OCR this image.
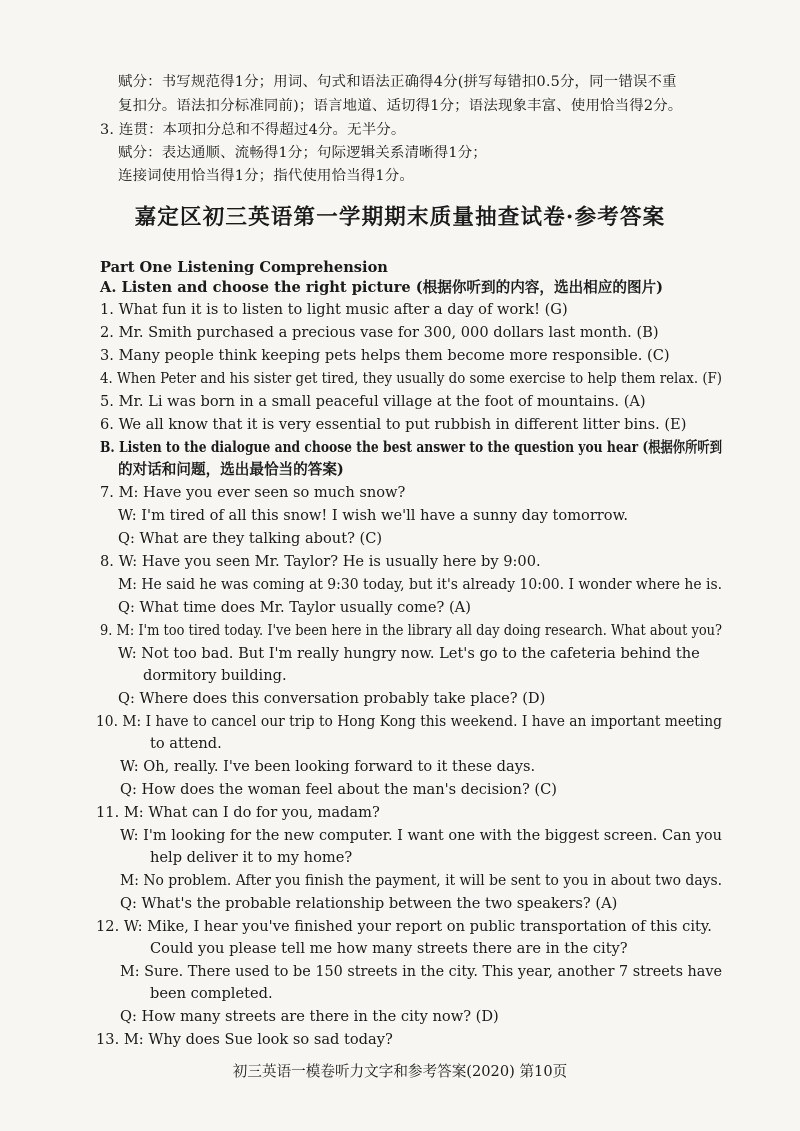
赋分：书写规范得1分；用词、句式和语法正确得4分(拼写每错扣0.5分，同一错误不重
复扣分。语法扣分标准同前)；语言地道、适切得1分；语法现象丰富、使用恰当得2分。
3. 连贯：本项扣分总和不得超过4分。无半分。
赋分：表达通顺、流畅得1分；句际逻辑关系清晰得1分；
连接词使用恰当得1分；指代使用恰当得1分。
嘉定区初三英语第一学期期末质量抽查试卷·参考答案
Part One Listening Comprehension
A. Listen and choose the right picture (根据你听到的内容，选出相应的图片)
1. What fun it is to listen to light music after a day of work! (G)
2. Mr. Smith purchased a precious vase for 300, 000 dollars last month. (B)
3. Many people think keeping pets helps them become more responsible. (C)
4. When Peter and his sister get tired, they usually do some exercise to help them relax. (F)
5. Mr. Li was born in a small peaceful village at the foot of mountains. (A)
6. We all know that it is very essential to put rubbish in different litter bins. (E)
B. Listen to the dialogue and choose the best answer to the question you hear (根据你所听到
的对话和问题，选出最恰当的答案)
7. M: Have you ever seen so much snow?
W: I'm tired of all this snow! I wish we'll have a sunny day tomorrow.
Q: What are they talking about? (C)
8. W: Have you seen Mr. Taylor? He is usually here by 9:00.
M: He said he was coming at 9:30 today, but it's already 10:00. I wonder where he is.
Q: What time does Mr. Taylor usually come? (A)
9. M: I'm too tired today. I've been here in the library all day doing research. What about you?
W: Not too bad. But I'm really hungry now. Let's go to the cafeteria behind the
dormitory building.
Q: Where does this conversation probably take place? (D)
10. M: I have to cancel our trip to Hong Kong this weekend. I have an important meeting
to attend.
W: Oh, really. I've been looking forward to it these days.
Q: How does the woman feel about the man's decision? (C)
11. M: What can I do for you, madam?
W: I'm looking for the new computer. I want one with the biggest screen. Can you
help deliver it to my home?
M: No problem. After you finish the payment, it will be sent to you in about two days.
Q: What's the probable relationship between the two speakers? (A)
12. W: Mike, I hear you've finished your report on public transportation of this city.
Could you please tell me how many streets there are in the city?
M: Sure. There used to be 150 streets in the city. This year, another 7 streets have
been completed.
Q: How many streets are there in the city now? (D)
13. M: Why does Sue look so sad today?
初三英语一模卷听力文字和参考答案(2020) 第10页
